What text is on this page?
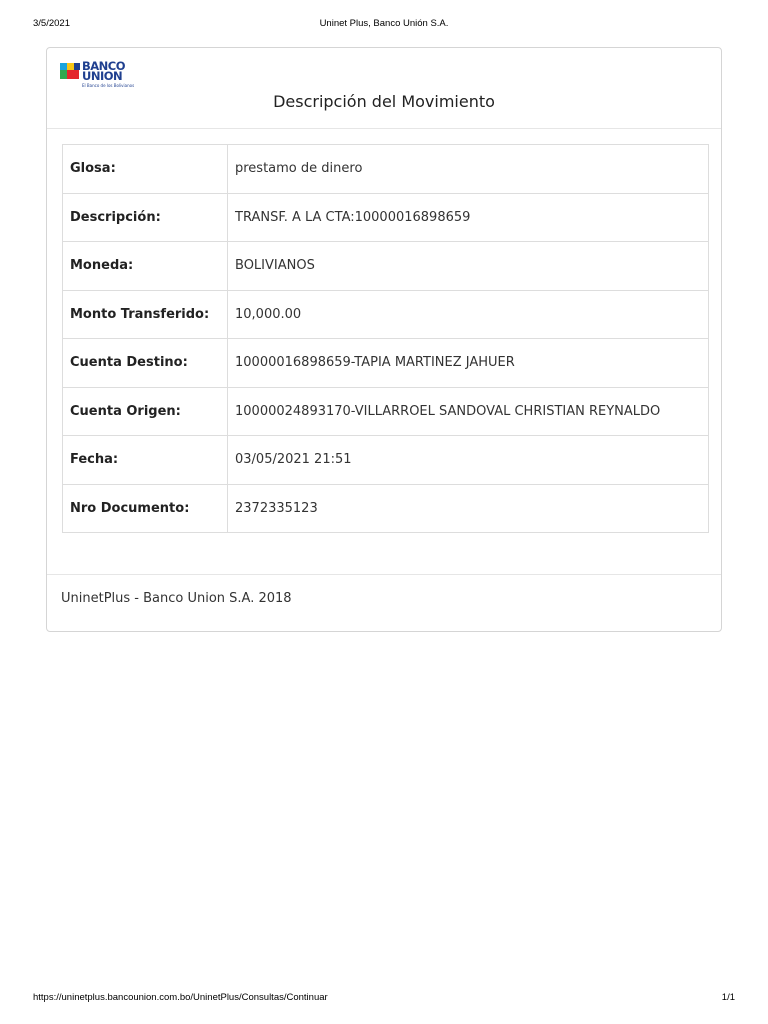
3/5/2021	Uninet Plus, Banco Unión S.A.
BANCO
UNION
El Banco de los Bolivianos
Descripción del Movimiento
Glosa:	prestamo de dinero
Descripción:	TRANSF. A LA CTA:10000016898659
Moneda:	BOLIVIANOS
Monto Transferido:	10,000.00
Cuenta Destino:	10000016898659-TAPIA MARTINEZ JAHUER
Cuenta Origen:	10000024893170-VILLARROEL SANDOVAL CHRISTIAN REYNALDO
Fecha:	03/05/2021 21:51
Nro Documento:	2372335123
UninetPlus - Banco Union S.A. 2018
https://uninetplus.bancounion.com.bo/UninetPlus/Consultas/Continuar	1/1
